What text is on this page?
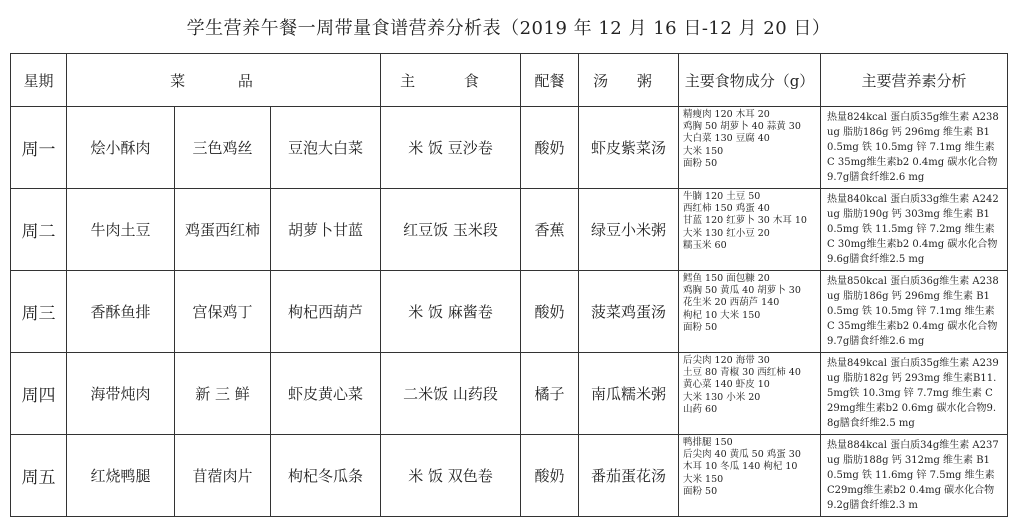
学生营养午餐一周带量食谱营养分析表（2019 年 12 月 16 日-12 月 20 日）
星期	菜 品			主 食	配餐	汤 粥	主要食物成分（g）	主要营养素分析
周一	烩小酥肉	三色鸡丝	豆泡大白菜	米 饭 豆沙卷	酸奶	虾皮紫菜汤	精瘦肉 120 木耳 20
鸡胸 50 胡萝卜 40 蒜黄 30
大白菜 130 豆腐 40
大米 150
面粉 50	热量824kcal 蛋白质35g维生素 A238ug 脂肪186g 钙 296mg 维生素 B1 0.5mg 铁 10.5mg 锌 7.1mg 维生素C 35mg维生素b2 0.4mg 碳水化合物9.7g膳食纤维2.6 mg
周二	牛肉土豆	鸡蛋西红柿	胡萝卜甘蓝	红豆饭 玉米段	香蕉	绿豆小米粥	牛腩 120 土豆 50
西红柿 150 鸡蛋 40
甘蓝 120 红萝卜 30 木耳 10
大米 130 红小豆 20
糯玉米 60	热量840kcal 蛋白质33g维生素 A242ug 脂肪190g 钙 303mg 维生素 B1 0.5mg 铁 11.5mg 锌 7.2mg 维生素 C 30mg维生素b2 0.4mg 碳水化合物9.6g膳食纤维2.5 mg
周三	香酥鱼排	宫保鸡丁	枸杞西葫芦	米 饭 麻酱卷	酸奶	菠菜鸡蛋汤	鳕鱼 150 面包糠 20
鸡胸 50 黄瓜 40 胡萝卜 30
花生米 20 西葫芦 140
枸杞 10 大米 150
面粉 50	热量850kcal 蛋白质36g维生素 A238ug 脂肪186g 钙 296mg 维生素 B1 0.5mg 铁 10.5mg 锌 7.1mg 维生素 C 35mg维生素b2 0.4mg 碳水化合物9.7g膳食纤维2.6 mg
周四	海带炖肉	新 三 鲜	虾皮黄心菜	二米饭 山药段	橘子	南瓜糯米粥	后尖肉 120 海带 30
土豆 80 青椒 30 西红柿 40
黄心菜 140 虾皮 10
大米 130 小米 20
山药 60	热量849kcal 蛋白质35g维生素 A239ug 脂肪182g 钙 293mg 维生素B11.5mg铁 10.3mg 锌 7.7mg 维生素 C 29mg维生素b2 0.6mg 碳水化合物9.8g膳食纤维2.5 mg
周五	红烧鸭腿	苜蓿肉片	枸杞冬瓜条	米 饭 双色卷	酸奶	番茄蛋花汤	鸭排腿 150
后尖肉 40 黄瓜 50 鸡蛋 30
木耳 10 冬瓜 140 枸杞 10
大米 150
面粉 50	热量884kcal 蛋白质34g维生素 A237ug 脂肪188g 钙 312mg 维生素 B1 0.5mg 铁 11.6mg 锌 7.5mg 维生素 C29mg维生素b2 0.4mg 碳水化合物9.2g膳食纤维2.3 m
